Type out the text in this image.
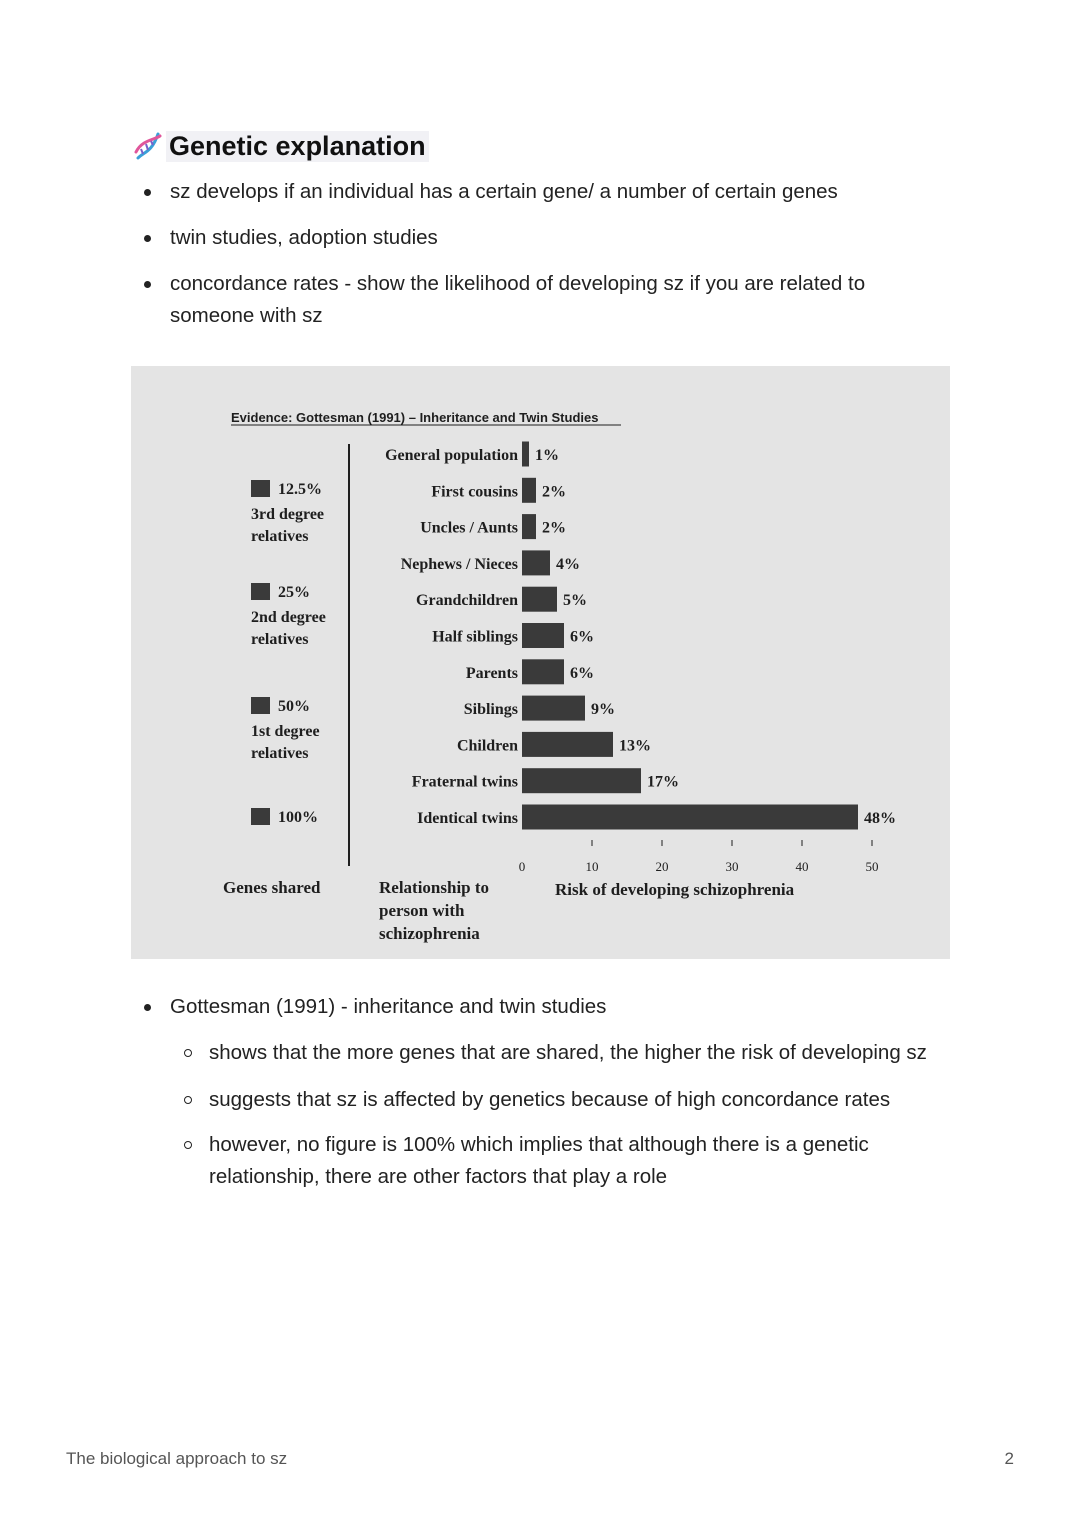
Genetic explanation
sz develops if an individual has a certain gene/ a number of certain genes
twin studies, adoption studies
concordance rates - show the likelihood of developing sz if you are related to someone with sz
Evidence: Gottesman (1991) – Inheritance and Twin Studies
12.5%
3rd degree
relatives
25%
2nd degree
relatives
50%
1st degree
relatives
100%
General population 1%
First cousins 2%
Uncles / Aunts 2%
Nephews / Nieces 4%
Grandchildren	5%
Half siblings	6%
Parents	6%
Siblings	9%
Children	13%
Fraternal twins	17%
Identical twins	48%
0	10	20	30	40	50
Genes shared	Relationship to
person with
schizophrenia
Risk of developing schizophrenia
Gottesman (1991) - inheritance and twin studies
shows that the more genes that are shared, the higher the risk of developing sz
suggests that sz is affected by genetics because of high concordance rates
however, no figure is 100% which implies that although there is a genetic relationship, there are other factors that play a role
The biological approach to sz	2
